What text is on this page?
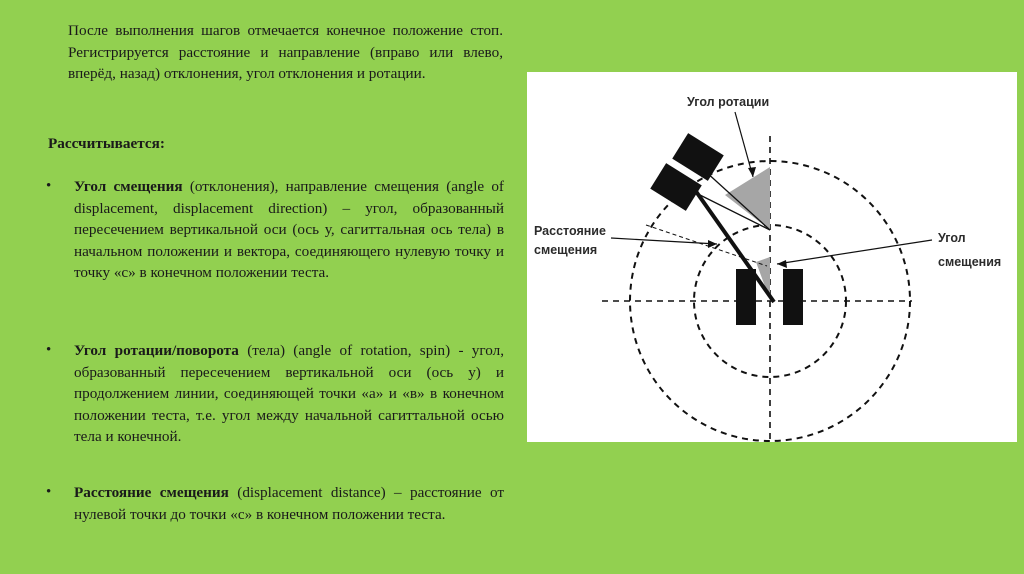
После выполнения шагов отмечается конечное положение стоп. Регистрируется расстояние и направление (вправо или влево, вперёд, назад) отклонения, угол отклонения и ротации.
Рассчитывается:
• Угол смещения (отклонения), направление смещения (angle of displacement, displacement direction) – угол, образованный пересечением вертикальной оси (ось у, сагиттальная ось тела) в начальном положении и вектора, соединяющего нулевую точку и точку «с» в конечном положении теста.
• Угол ротации/поворота (тела) (angle of rotation, spin) - угол, образованный пересечением вертикальной оси (ось у) и продолжением линии, соединяющей точки «а» и «в» в конечном положении теста, т.е. угол между начальной сагиттальной осью тела и конечной.
• Расстояние смещения (displacement distance) – расстояние от нулевой точки до точки «с» в конечном положении теста.
Угол ротации
Расстояние
смещения
Угол
смещения
